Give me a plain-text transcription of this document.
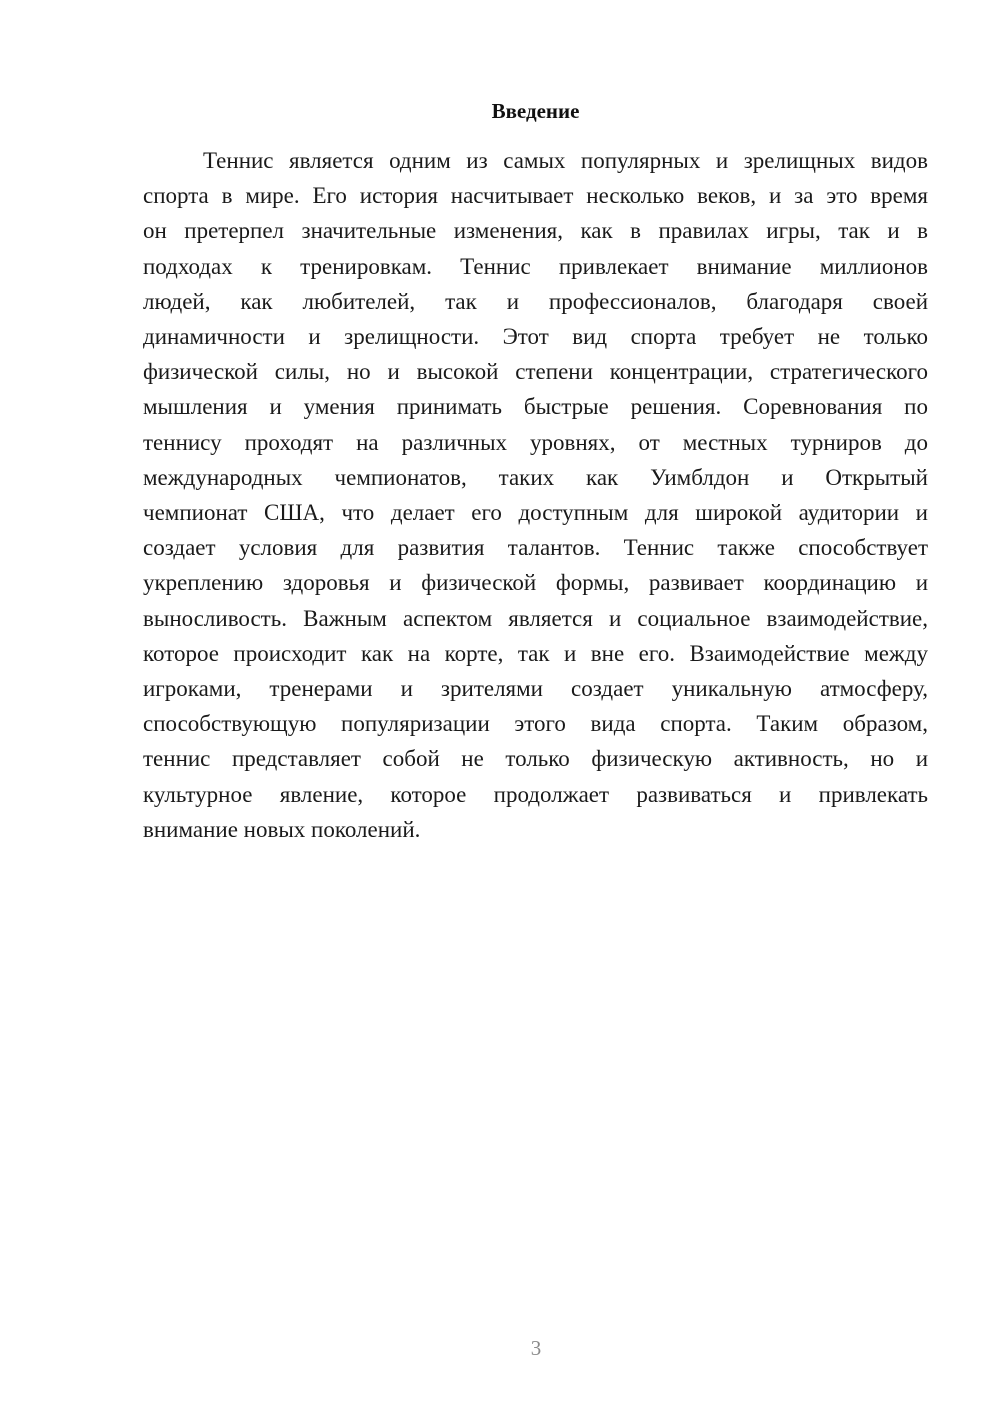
Введение

Теннис является одним из самых популярных и зрелищных видов
спорта в мире. Его история насчитывает несколько веков, и за это время
он претерпел значительные изменения, как в правилах игры, так и в
подходах к тренировкам. Теннис привлекает внимание миллионов
людей, как любителей, так и профессионалов, благодаря своей
динамичности и зрелищности. Этот вид спорта требует не только
физической силы, но и высокой степени концентрации, стратегического
мышления и умения принимать быстрые решения. Соревнования по
теннису проходят на различных уровнях, от местных турниров до
международных чемпионатов, таких как Уимблдон и Открытый
чемпионат США, что делает его доступным для широкой аудитории и
создает условия для развития талантов. Теннис также способствует
укреплению здоровья и физической формы, развивает координацию и
выносливость. Важным аспектом является и социальное взаимодействие,
которое происходит как на корте, так и вне его. Взаимодействие между
игроками, тренерами и зрителями создает уникальную атмосферу,
способствующую популяризации этого вида спорта. Таким образом,
теннис представляет собой не только физическую активность, но и
культурное явление, которое продолжает развиваться и привлекать
внимание новых поколений.

3
